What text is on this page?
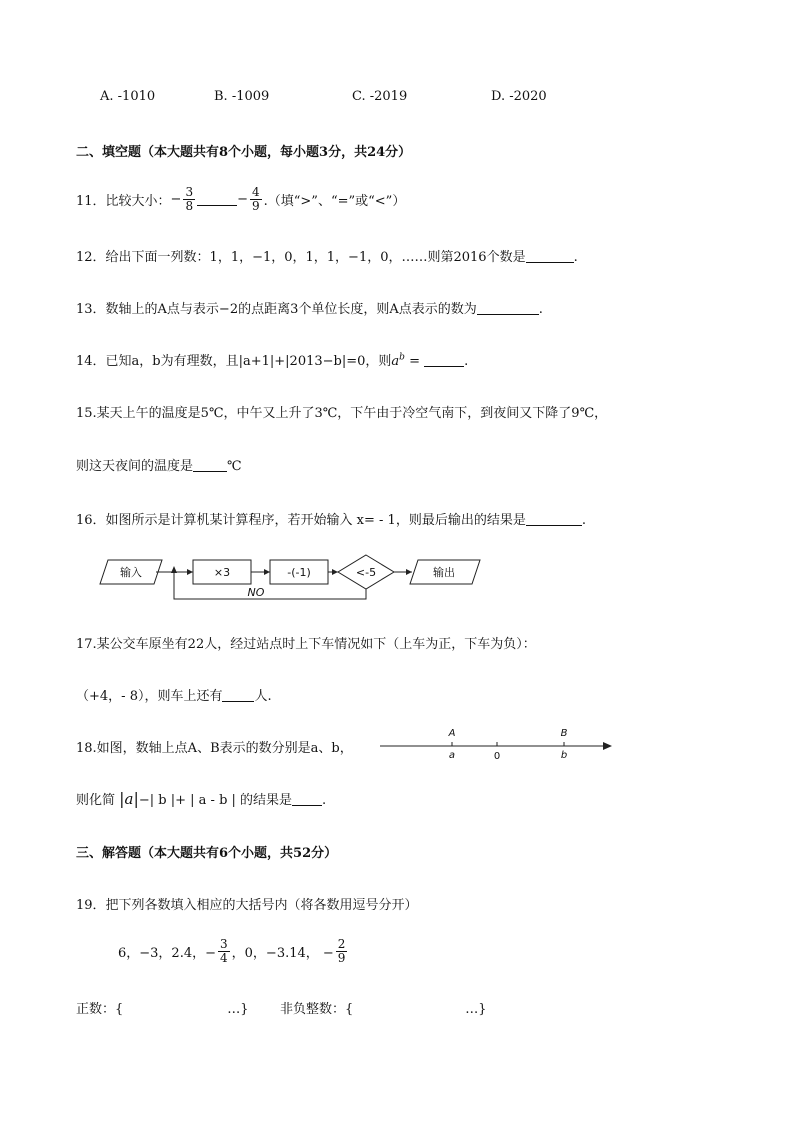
A. -1010	B. -1009	C. -2019	D. -2020
二、填空题（本大题共有8个小题，每小题3分，共24分）
11．比较大小： − $\frac{3}{8}$	− $\frac{4}{9}$ .（填“>”、“=”或“<”）
12．给出下面一列数：1，1，−1，0，1，1，−1，0，……则第2016个数是	.
13．数轴上的A点与表示−2的点距离3个单位长度，则A点表示的数为	.
14．已知a，b为有理数，且|a+1|+|2013−b|=0，则$a^b$ =	.
15.某天上午的温度是5℃，中午又上升了3℃，下午由于冷空气南下，到夜间又下降了9℃，
则这天夜间的温度是	℃
16．如图所示是计算机某计算程序，若开始输入 x= - 1，则最后输出的结果是	.
输入	×3	-(-1)	<-5	输出
NO
17.某公交车原坐有22人，经过站点时上下车情况如下（上车为正，下车为负）：
（+4，- 8），则车上还有 人.
18.如图，数轴上点A、B表示的数分别是a、b，
A	B
a	b
0
则化简 |a|−| b |+ | a - b | 的结果是 .
三、解答题（本大题共有6个小题，共52分）
19．把下列各数填入相应的大括号内（将各数用逗号分开）
6，−3，2.4，− $\frac{3}{4}$ ，0，−3.14， − $\frac{2}{9}$
正数：{	…} 非负整数：{	…}
